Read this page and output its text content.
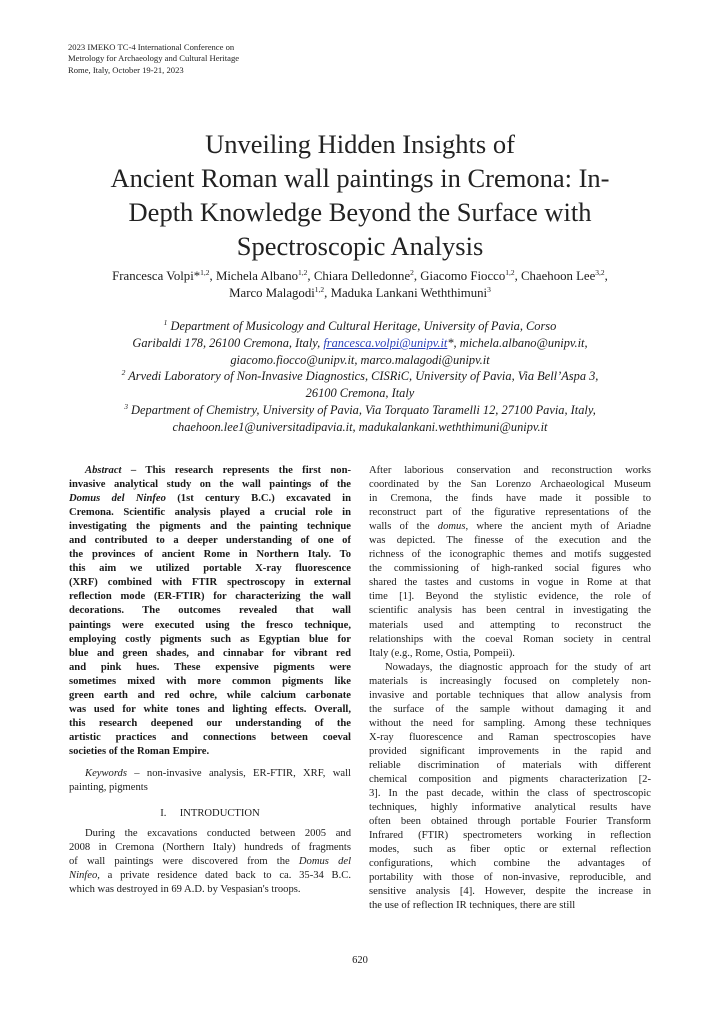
2023 IMEKO TC-4 International Conference on
Metrology for Archaeology and Cultural Heritage
Rome, Italy, October 19-21, 2023
Unveiling Hidden Insights of
Ancient Roman wall paintings in Cremona: In-
Depth Knowledge Beyond the Surface with
Spectroscopic Analysis
Francesca Volpi*$^{1,2}$, Michela Albano$^{1,2}$, Chiara Delledonne$^2$, Giacomo Fiocco$^{1,2}$, Chaehoon Lee$^{3,2}$,
Marco Malagodi$^{1,2}$, Maduka Lankani Weththimuni$^3$
$^1$ Department of Musicology and Cultural Heritage, University of Pavia, Corso
Garibaldi 178, 26100 Cremona, Italy, francesca.volpi@unipv.it*, michela.albano@unipv.it,
giacomo.fiocco@unipv.it, marco.malagodi@unipv.it
$^2$ Arvedi Laboratory of Non-Invasive Diagnostics, CISRiC, University of Pavia, Via Bell’Aspa 3,
26100 Cremona, Italy
$^3$ Department of Chemistry, University of Pavia, Via Torquato Taramelli 12, 27100 Pavia, Italy,
chaehoon.lee1@universitadipavia.it, madukalankani.weththimuni@unipv.it
Abstract – This research represents the first non-
invasive analytical study on the wall paintings of the
Domus del Ninfeo (1st century B.C.) excavated in
Cremona. Scientific analysis played a crucial role in
investigating the pigments and the painting technique
and contributed to a deeper understanding of one of
the provinces of ancient Rome in Northern Italy. To
this aim we utilized portable X-ray fluorescence
(XRF) combined with FTIR spectroscopy in external
reflection mode (ER-FTIR) for characterizing the wall
decorations. The outcomes revealed that wall
paintings were executed using the fresco technique,
employing costly pigments such as Egyptian blue for
blue and green shades, and cinnabar for vibrant red
and pink hues. These expensive pigments were
sometimes mixed with more common pigments like
green earth and red ochre, while calcium carbonate
was used for white tones and lighting effects. Overall,
this research deepened our understanding of the
artistic practices and connections between coeval
societies of the Roman Empire.
Keywords – non-invasive analysis, ER-FTIR, XRF, wall
painting, pigments
I. INTRODUCTION
During the excavations conducted between 2005 and
2008 in Cremona (Northern Italy) hundreds of fragments
of wall paintings were discovered from the Domus del
Ninfeo, a private residence dated back to ca. 35-34 B.C.
which was destroyed in 69 A.D. by Vespasian's troops.
After laborious conservation and reconstruction works
coordinated by the San Lorenzo Archaeological Museum
in Cremona, the finds have made it possible to
reconstruct part of the figurative representations of the
walls of the domus, where the ancient myth of Ariadne
was depicted. The finesse of the execution and the
richness of the iconographic themes and motifs suggested
the commissioning of high-ranked social figures who
shared the tastes and customs in vogue in Rome at that
time [1]. Beyond the stylistic evidence, the role of
scientific analysis has been central in investigating the
materials used and attempting to reconstruct the
relationships with the coeval Roman society in central
Italy (e.g., Rome, Ostia, Pompeii).
Nowadays, the diagnostic approach for the study of art
materials is increasingly focused on completely non-
invasive and portable techniques that allow analysis from
the surface of the sample without damaging it and
without the need for sampling. Among these techniques
X-ray fluorescence and Raman spectroscopies have
provided significant improvements in the rapid and
reliable discrimination of materials with different
chemical composition and pigments characterization [2-
3]. In the past decade, within the class of spectroscopic
techniques, highly informative analytical results have
often been obtained through portable Fourier Transform
Infrared (FTIR) spectrometers working in reflection
modes, such as fiber optic or external reflection
configurations, which combine the advantages of
portability with those of non-invasive, reproducible, and
sensitive analysis [4]. However, despite the increase in
the use of reflection IR techniques, there are still
620
